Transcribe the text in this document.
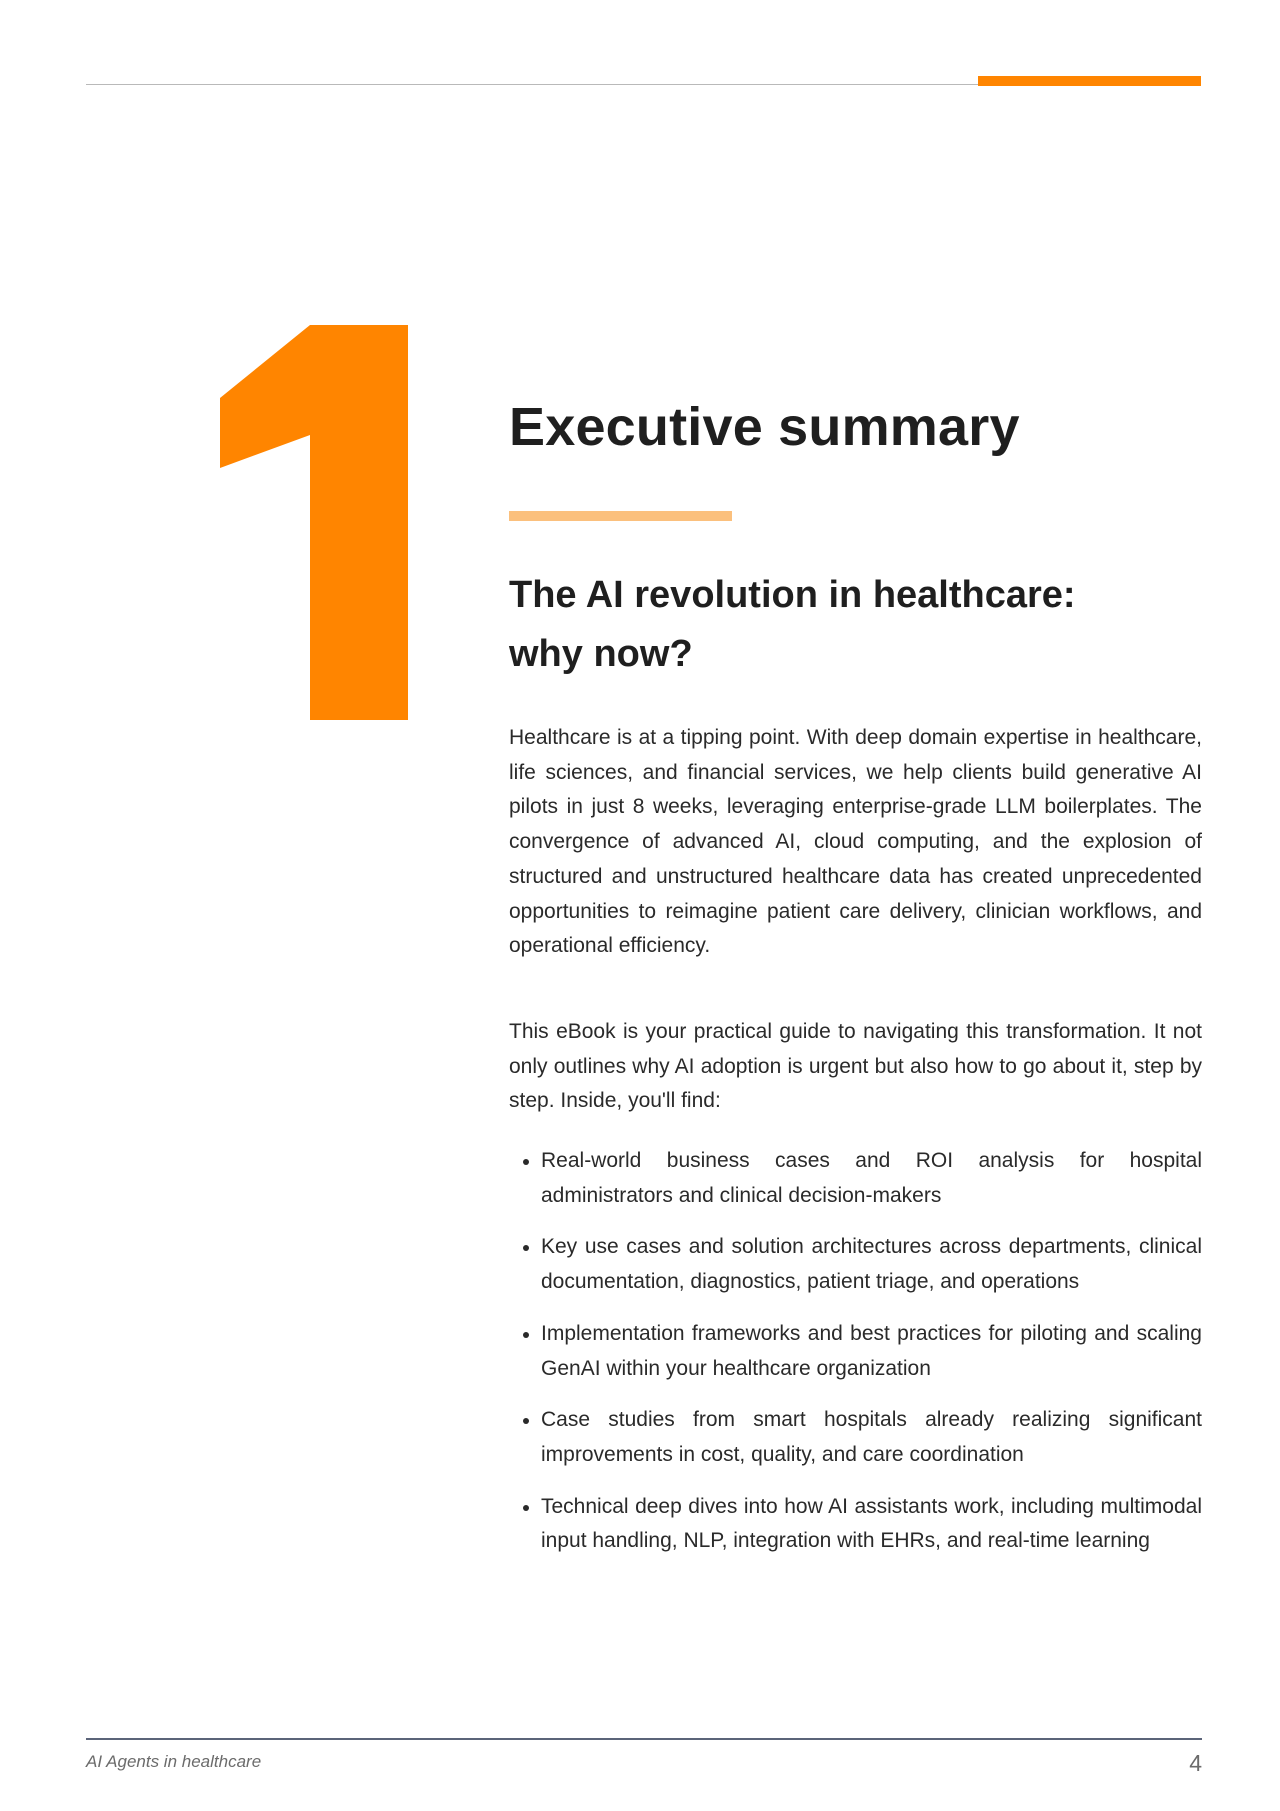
Executive summary
The AI revolution in healthcare:
why now?

Healthcare is at a tipping point. With deep domain expertise in healthcare, life sciences, and financial services, we help clients build generative AI pilots in just 8 weeks, leveraging enterprise-grade LLM boilerplates. The convergence of advanced AI, cloud computing, and the explosion of structured and unstructured healthcare data has created unprecedented opportunities to reimagine patient care delivery, clinician workflows, and operational efficiency.

This eBook is your practical guide to navigating this transformation. It not only outlines why AI adoption is urgent but also how to go about it, step by step. Inside, you'll find:

Real-world business cases and ROI analysis for hospital administrators and clinical decision-makers
Key use cases and solution architectures across departments, clinical documentation, diagnostics, patient triage, and operations
Implementation frameworks and best practices for piloting and scaling GenAI within your healthcare organization
Case studies from smart hospitals already realizing significant improvements in cost, quality, and care coordination
Technical deep dives into how AI assistants work, including multimodal input handling, NLP, integration with EHRs, and real-time learning
AI Agents in healthcare	4
